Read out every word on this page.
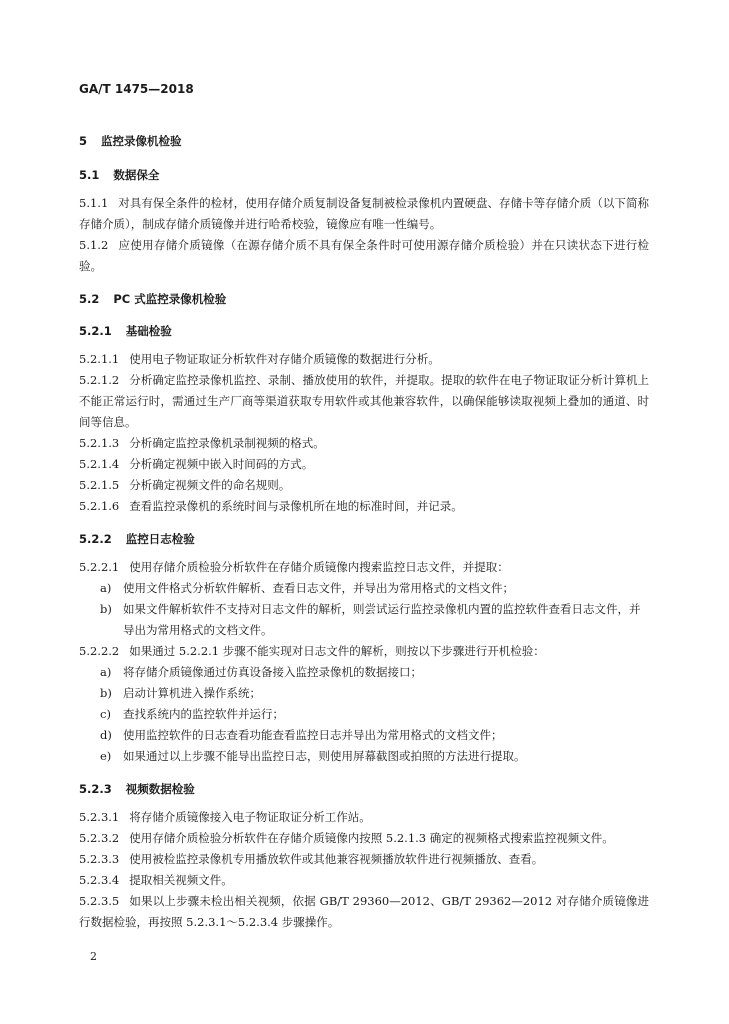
GA/T 1475—2018
5 监控录像机检验
5.1 数据保全
5.1.1 对具有保全条件的检材，使用存储介质复制设备复制被检录像机内置硬盘、存储卡等存储介质（以下简称存储介质），制成存储介质镜像并进行哈希校验，镜像应有唯一性编号。
5.1.2 应使用存储介质镜像（在源存储介质不具有保全条件时可使用源存储介质检验）并在只读状态下进行检验。
5.2 PC 式监控录像机检验
5.2.1 基础检验
5.2.1.1 使用电子物证取证分析软件对存储介质镜像的数据进行分析。
5.2.1.2 分析确定监控录像机监控、录制、播放使用的软件，并提取。提取的软件在电子物证取证分析计算机上不能正常运行时，需通过生产厂商等渠道获取专用软件或其他兼容软件，以确保能够读取视频上叠加的通道、时间等信息。
5.2.1.3 分析确定监控录像机录制视频的格式。
5.2.1.4 分析确定视频中嵌入时间码的方式。
5.2.1.5 分析确定视频文件的命名规则。
5.2.1.6 查看监控录像机的系统时间与录像机所在地的标准时间，并记录。
5.2.2 监控日志检验
5.2.2.1 使用存储介质检验分析软件在存储介质镜像内搜索监控日志文件，并提取：
a) 使用文件格式分析软件解析、查看日志文件，并导出为常用格式的文档文件；
b) 如果文件解析软件不支持对日志文件的解析，则尝试运行监控录像机内置的监控软件查看日志文件，并导出为常用格式的文档文件。
5.2.2.2 如果通过 5.2.2.1 步骤不能实现对日志文件的解析，则按以下步骤进行开机检验：
a) 将存储介质镜像通过仿真设备接入监控录像机的数据接口；
b) 启动计算机进入操作系统；
c) 查找系统内的监控软件并运行；
d) 使用监控软件的日志查看功能查看监控日志并导出为常用格式的文档文件；
e) 如果通过以上步骤不能导出监控日志，则使用屏幕截图或拍照的方法进行提取。
5.2.3 视频数据检验
5.2.3.1 将存储介质镜像接入电子物证取证分析工作站。
5.2.3.2 使用存储介质检验分析软件在存储介质镜像内按照 5.2.1.3 确定的视频格式搜索监控视频文件。
5.2.3.3 使用被检监控录像机专用播放软件或其他兼容视频播放软件进行视频播放、查看。
5.2.3.4 提取相关视频文件。
5.2.3.5 如果以上步骤未检出相关视频，依据 GB/T 29360—2012、GB/T 29362—2012 对存储介质镜像进行数据检验，再按照 5.2.3.1～5.2.3.4 步骤操作。
2
